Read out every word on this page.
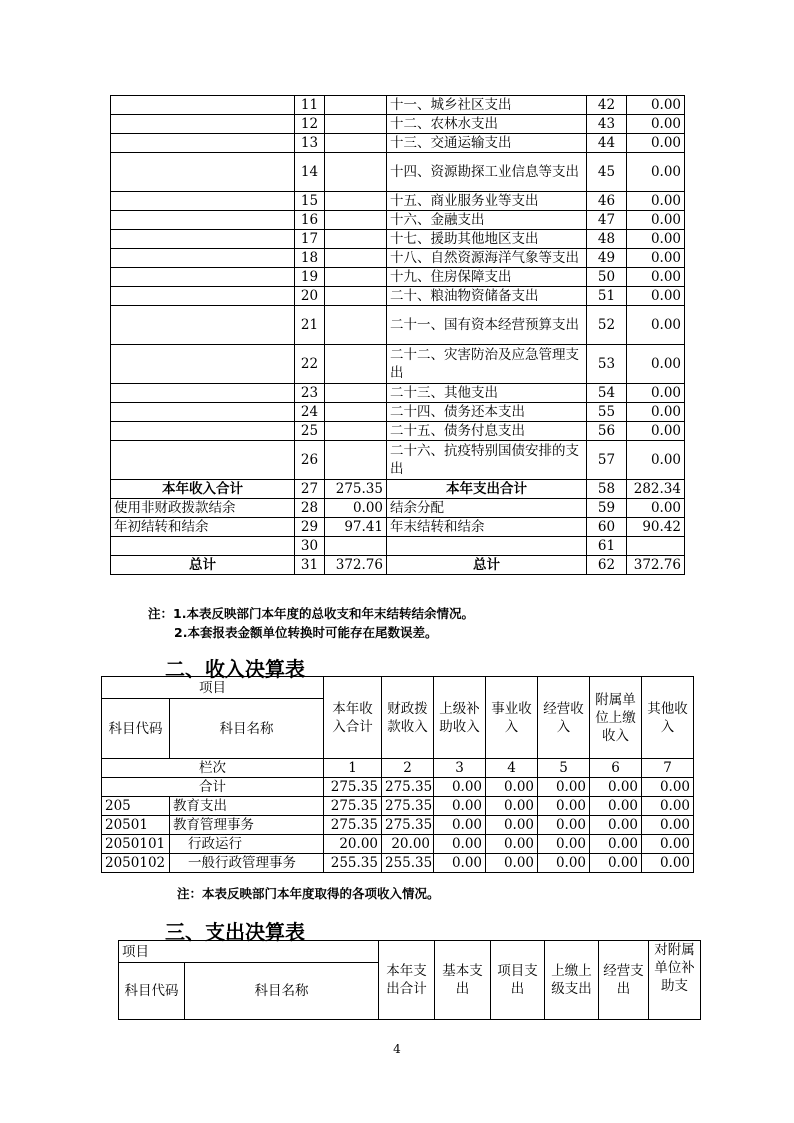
	11		十一、城乡社区支出	42	0.00
	12		十二、农林水支出	43	0.00
	13		十三、交通运输支出	44	0.00
	14		十四、资源勘探工业信息等支出	45	0.00
	15		十五、商业服务业等支出	46	0.00
	16		十六、金融支出	47	0.00
	17		十七、援助其他地区支出	48	0.00
	18		十八、自然资源海洋气象等支出	49	0.00
	19		十九、住房保障支出	50	0.00
	20		二十、粮油物资储备支出	51	0.00
	21		二十一、国有资本经营预算支出	52	0.00
	22		二十二、灾害防治及应急管理支出	53	0.00
	23		二十三、其他支出	54	0.00
	24		二十四、债务还本支出	55	0.00
	25		二十五、债务付息支出	56	0.00
	26		二十六、抗疫特别国债安排的支出	57	0.00
本年收入合计	27	275.35	本年支出合计	58	282.34
使用非财政拨款结余	28	0.00	结余分配	59	0.00
年初结转和结余	29	97.41	年末结转和结余	60	90.42
	30			61	
总计	31	372.76	总计	62	372.76
注：1.本表反映部门本年度的总收支和年末结转结余情况。
2.本套报表金额单位转换时可能存在尾数误差。
二、收入决算表
项目		本年收入合计	财政拨款收入	上级补助收入	事业收入	经营收入	附属单位上缴收入	其他收入
科目代码	科目名称							
栏次		1	2	3	4	5	6	7
合计		275.35	275.35	0.00	0.00	0.00	0.00	0.00
205	教育支出	275.35	275.35	0.00	0.00	0.00	0.00	0.00
20501	教育管理事务	275.35	275.35	0.00	0.00	0.00	0.00	0.00
2050101	行政运行	20.00	20.00	0.00	0.00	0.00	0.00	0.00
2050102	一般行政管理事务	255.35	255.35	0.00	0.00	0.00	0.00	0.00
注：本表反映部门本年度取得的各项收入情况。
三、支出决算表
项目		本年支出合计	基本支出	项目支出	上缴上级支出	经营支出	对附属单位补助支
科目代码	科目名称						
4
